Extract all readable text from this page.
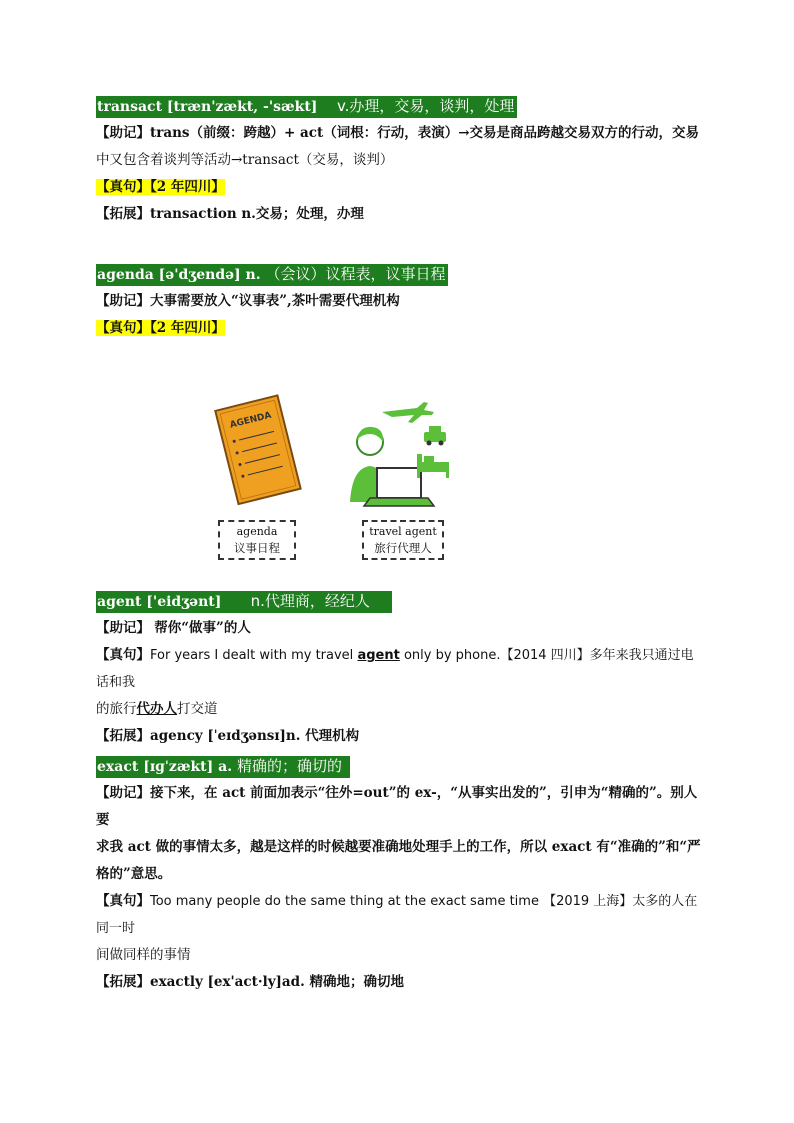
transact [træn'zækt, -'sækt] v.办理，交易，谈判，处理
【助记】trans（前缀：跨越）+ act（词根：行动，表演）→交易是商品跨越交易双方的行动，交易
中又包含着谈判等活动→transact（交易，谈判）
【真句】【2 年四川】
【拓展】transaction n.交易；处理，办理
agenda [ə'dʒendə] n. （会议）议程表，议事日程
【助记】大事需要放入“议事表”,茶叶需要代理机构
【真句】【2 年四川】
agent ['eidʒənt] n.代理商，经纪人
【助记】 帮你“做事”的人
【真句】For years I dealt with my travel agent only by phone.【2014 四川】多年来我只通过电话和我
的旅行代办人打交道
【拓展】agency [ˈeɪdʒənsɪ]n. 代理机构
exact [ɪɡˈzækt] a. 精确的；确切的
【助记】接下来，在 act 前面加表示“往外=out”的 ex-，“从事实出发的”，引申为“精确的”。别人要
求我 act 做的事情太多，越是这样的时候越要准确地处理手上的工作，所以 exact 有“准确的”和“严
格的”意思。
【真句】Too many people do the same thing at the exact same time 【2019 上海】太多的人在同一时
间做同样的事情
【拓展】exactly [ex'act·ly]ad. 精确地；确切地
AGENDA
agenda
议事日程
travel agent
旅行代理人
